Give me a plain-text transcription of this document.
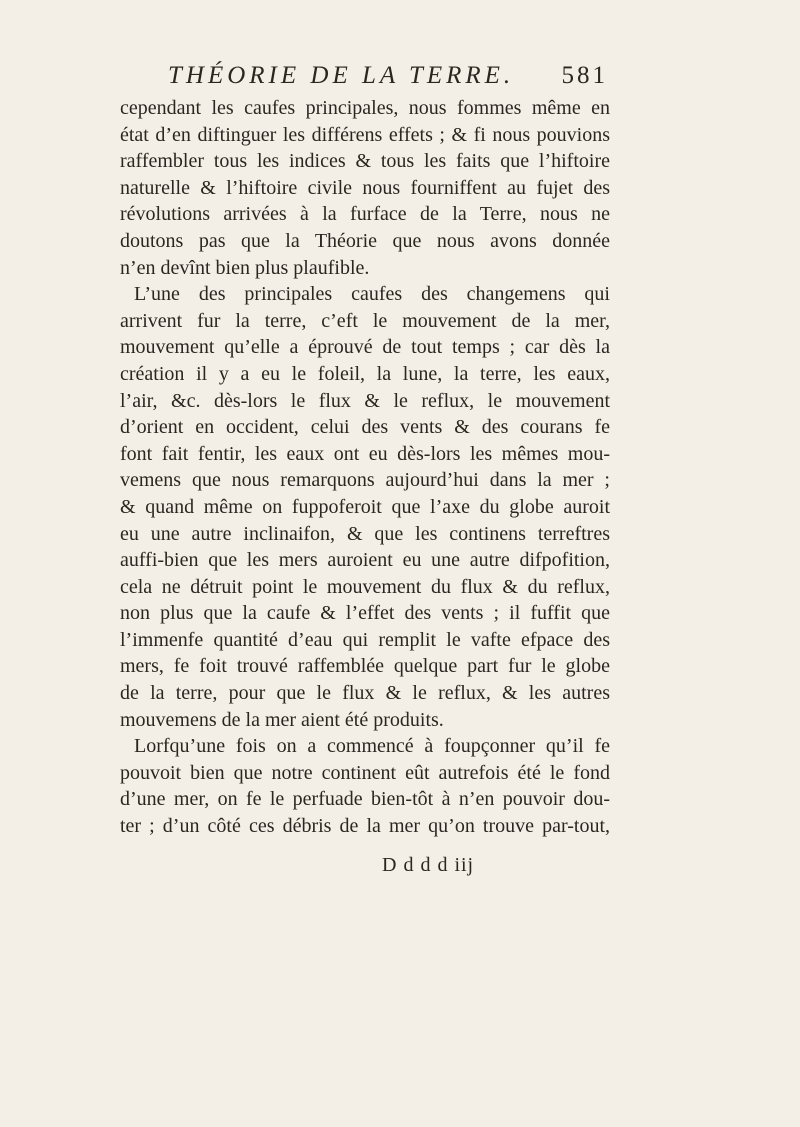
THÉORIE DE LA TERRE. 581
cependant les caufes principales, nous fommes même en
état d’en diftinguer les différens effets ; & fi nous pouvions
raffembler tous les indices & tous les faits que l’hiftoire
naturelle & l’hiftoire civile nous fourniffent au fujet des
révolutions arrivées à la furface de la Terre, nous ne
doutons pas que la Théorie que nous avons donnée
n’en devînt bien plus plaufible.
L’une des principales caufes des changemens qui
arrivent fur la terre, c’eft le mouvement de la mer,
mouvement qu’elle a éprouvé de tout temps ; car dès la
création il y a eu le foleil, la lune, la terre, les eaux,
l’air, &c. dès-lors le flux & le reflux, le mouvement
d’orient en occident, celui des vents & des courans fe
font fait fentir, les eaux ont eu dès-lors les mêmes mou-
vemens que nous remarquons aujourd’hui dans la mer ;
& quand même on fuppoferoit que l’axe du globe auroit
eu une autre inclinaifon, & que les continens terreftres
auffi-bien que les mers auroient eu une autre difpofition,
cela ne détruit point le mouvement du flux & du reflux,
non plus que la caufe & l’effet des vents ; il fuffit que
l’immenfe quantité d’eau qui remplit le vafte efpace des
mers, fe foit trouvé raffemblée quelque part fur le globe
de la terre, pour que le flux & le reflux, & les autres
mouvemens de la mer aient été produits.
Lorfqu’une fois on a commencé à foupçonner qu’il fe
pouvoit bien que notre continent eût autrefois été le fond
d’une mer, on fe le perfuade bien-tôt à n’en pouvoir dou-
ter ; d’un côté ces débris de la mer qu’on trouve par-tout,
D d d d iij
